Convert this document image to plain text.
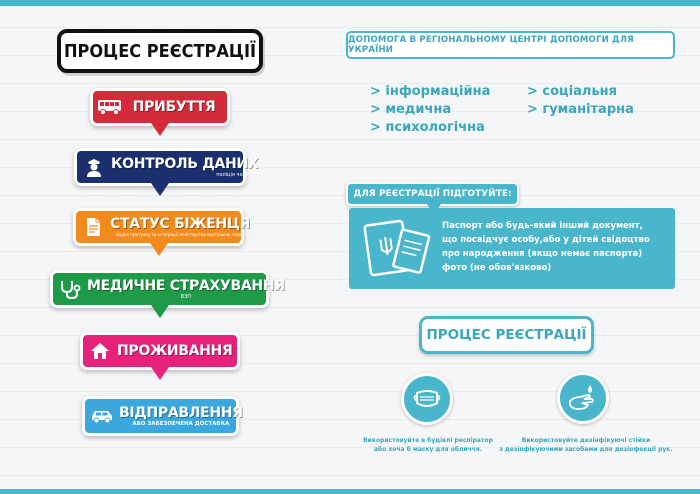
ПРОЦЕС РЕЄСТРАЦІЇ
ПРИБУТТЯ
КОНТРОЛЬ ДАНИХ
поліція чехії
СТАТУС БІЖЕНЦЯ
відділ притулку та інтеграції міністерства внутрішніх справ
МЕДИЧНЕ СТРАХУВАННЯ
ВЗП
ПРОЖИВАННЯ
ВІДПРАВЛЕННЯ
АБО ЗАБЕЗПЕЧЕНА ДОСТАВКА
ДОПОМОГА В РЕГІОНАЛЬНОМУ ЦЕНТРІ ДОПОМОГИ ДЛЯ УКРАЇНИ
> інформаційна
> медична
> психологічна
> соціальня
> гуманітарна
ДЛЯ РЕЄСТРАЦІЇ ПІДГОТУЙТЕ:
Паспорт або будь-який інший документ,
що посвідчує особу,або у дітей свідоцтво
про народження (якщо немає паспорта)
фото (не обов'язково)
ПРОЦЕС РЕЄСТРАЦІЇ
Використовуйте в будівлі респіратор
або хоча б маску для обличчя.
Використовуйте дезінфікуючі стійки
з дезінфікуючими засобами для дезінфекції рук.
